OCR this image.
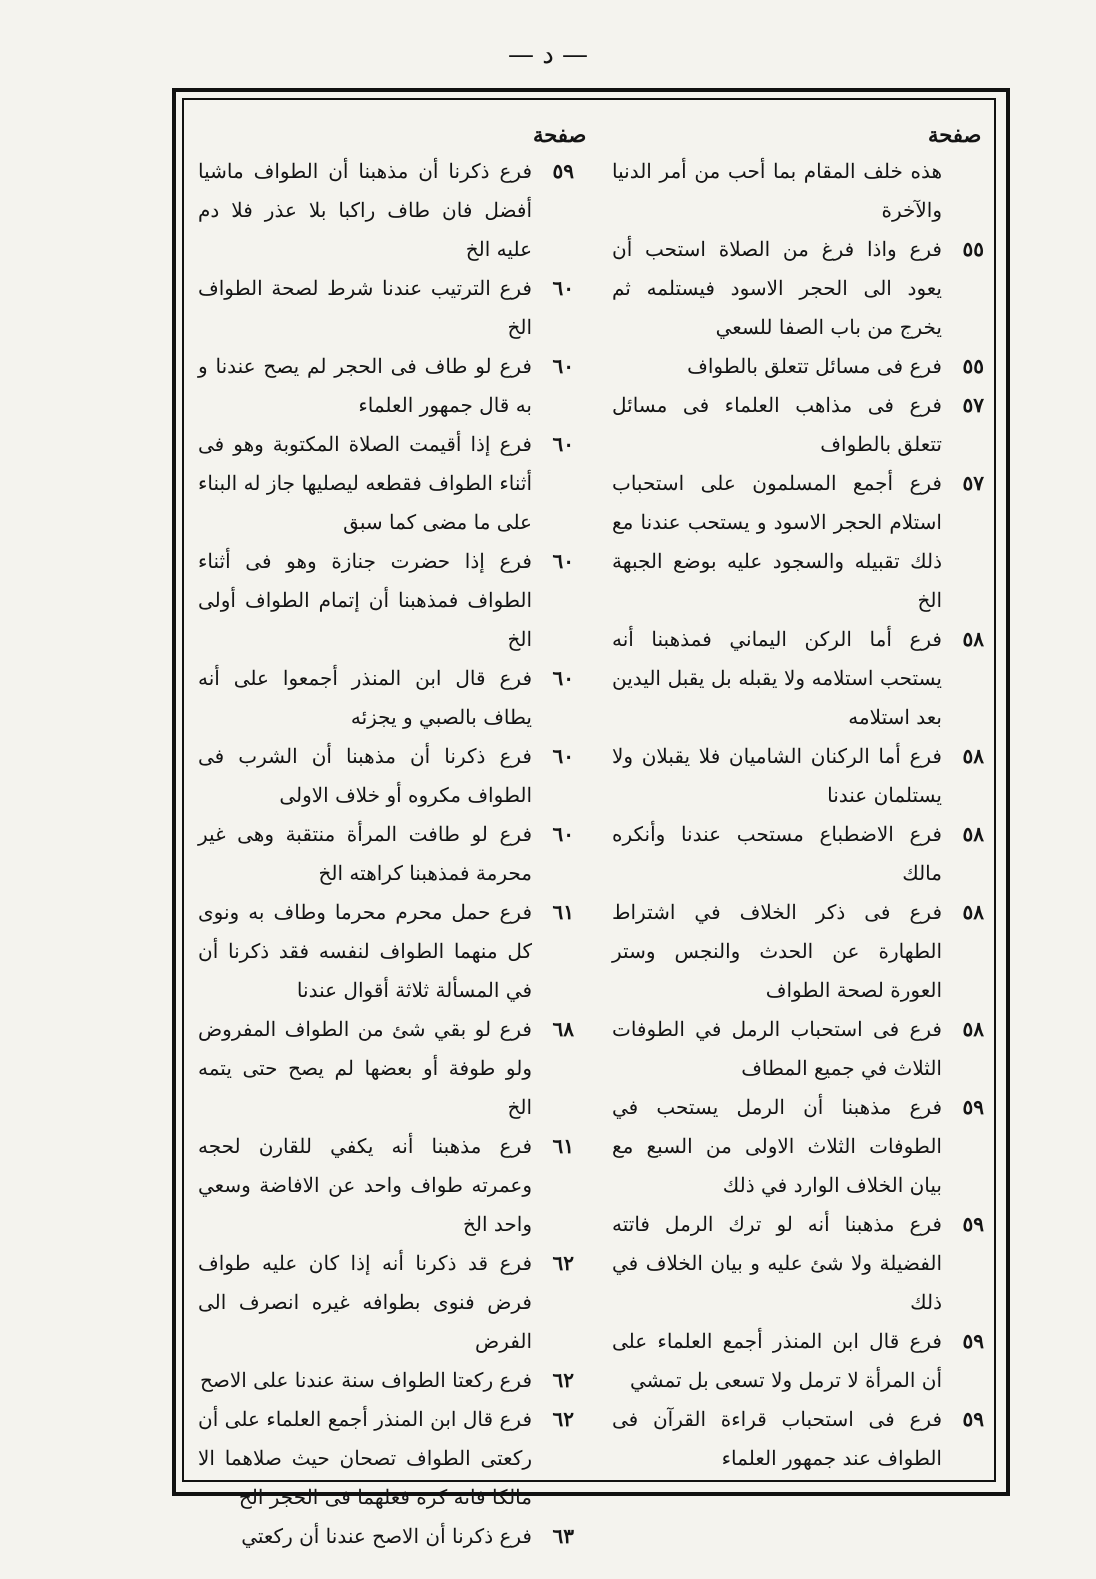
— د —
صفحة
صفحة
هذه خلف المقام بما أحب من أمر الدنيا والآخرة
٥٥
فرع واذا فرغ من الصلاة استحب أن يعود الى الحجر الاسود فيستلمه ثم يخرج من باب الصفا للسعي
٥٥
فرع فى مسائل تتعلق بالطواف
٥٧
فرع فى مذاهب العلماء فى مسائل تتعلق بالطواف
٥٧
فرع أجمع المسلمون على استحباب استلام الحجر الاسود و يستحب عندنا مع ذلك تقبيله والسجود عليه بوضع الجبهة الخ
٥٨
فرع أما الركن اليماني فمذهبنا أنه يستحب استلامه ولا يقبله بل يقبل اليدين بعد استلامه
٥٨
فرع أما الركنان الشاميان فلا يقبلان ولا يستلمان عندنا
٥٨
فرع الاضطباع مستحب عندنا وأنكره مالك
٥٨
فرع فى ذكر الخلاف في اشتراط الطهارة عن الحدث والنجس وستر العورة لصحة الطواف
٥٨
فرع فى استحباب الرمل في الطوفات الثلاث في جميع المطاف
٥٩
فرع مذهبنا أن الرمل يستحب في الطوفات الثلاث الاولى من السبع مع بيان الخلاف الوارد في ذلك
٥٩
فرع مذهبنا أنه لو ترك الرمل فاتته الفضيلة ولا شئ عليه و بيان الخلاف في ذلك
٥٩
فرع قال ابن المنذر أجمع العلماء على أن المرأة لا ترمل ولا تسعى بل تمشي
٥٩
فرع فى استحباب قراءة القرآن فى الطواف عند جمهور العلماء
٥٩
فرع ذكرنا أن مذهبنا أن الطواف ماشيا أفضل فان طاف راكبا بلا عذر فلا دم عليه الخ
٦٠
فرع الترتيب عندنا شرط لصحة الطواف الخ
٦٠
فرع لو طاف فى الحجر لم يصح عندنا و به قال جمهور العلماء
٦٠
فرع إذا أقيمت الصلاة المكتوبة وهو فى أثناء الطواف فقطعه ليصليها جاز له البناء على ما مضى كما سبق
٦٠
فرع إذا حضرت جنازة وهو فى أثناء الطواف فمذهبنا أن إتمام الطواف أولى الخ
٦٠
فرع قال ابن المنذر أجمعوا على أنه يطاف بالصبي و يجزئه
٦٠
فرع ذكرنا أن مذهبنا أن الشرب فى الطواف مكروه أو خلاف الاولى
٦٠
فرع لو طافت المرأة منتقبة وهى غير محرمة فمذهبنا كراهته الخ
٦١
فرع حمل محرم محرما وطاف به ونوى كل منهما الطواف لنفسه فقد ذكرنا أن في المسألة ثلاثة أقوال عندنا
٦٨
فرع لو بقي شئ من الطواف المفروض ولو طوفة أو بعضها لم يصح حتى يتمه الخ
٦١
فرع مذهبنا أنه يكفي للقارن لحجه وعمرته طواف واحد عن الافاضة وسعي واحد الخ
٦٢
فرع قد ذكرنا أنه إذا كان عليه طواف فرض فنوى بطوافه غيره انصرف الى الفرض
٦٢
فرع ركعتا الطواف سنة عندنا على الاصح
٦٢
فرع قال ابن المنذر أجمع العلماء على أن ركعتى الطواف تصحان حيث صلاهما الا مالكا فانه كره فعلهما فى الحجر الخ
٦٣
فرع ذكرنا أن الاصح عندنا أن ركعتي
